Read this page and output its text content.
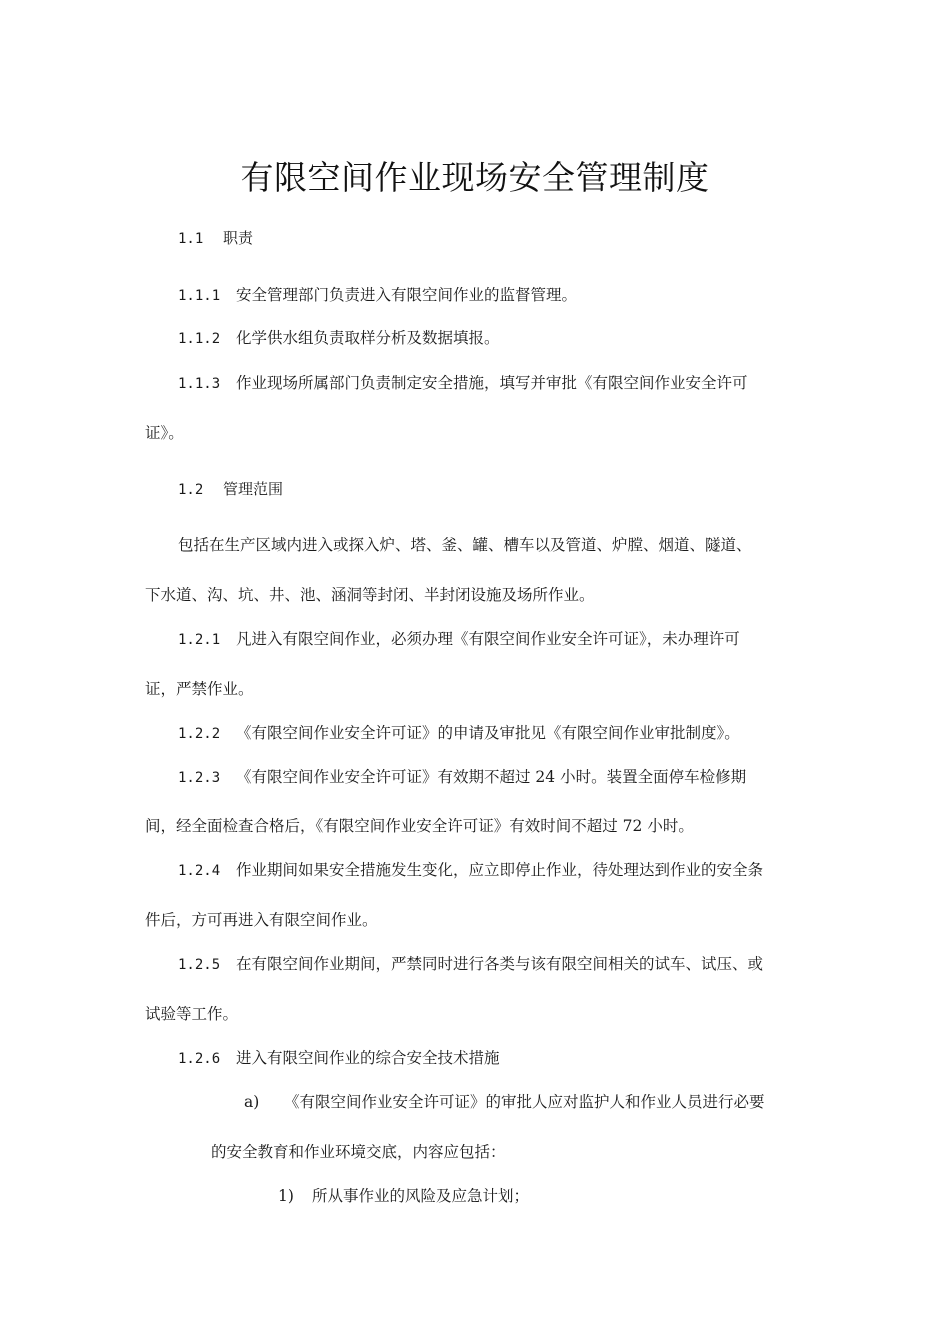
有限空间作业现场安全管理制度
1.1 职责
1.1.1 安全管理部门负责进入有限空间作业的监督管理。
1.1.2 化学供水组负责取样分析及数据填报。
1.1.3 作业现场所属部门负责制定安全措施，填写并审批《有限空间作业安全许可
证》。
1.2 管理范围
包括在生产区域内进入或探入炉、塔、釜、罐、槽车以及管道、炉膛、烟道、隧道、
下水道、沟、坑、井、池、涵洞等封闭、半封闭设施及场所作业。
1.2.1 凡进入有限空间作业，必须办理《有限空间作业安全许可证》，未办理许可
证，严禁作业。
1.2.2 《有限空间作业安全许可证》的申请及审批见《有限空间作业审批制度》。
1.2.3 《有限空间作业安全许可证》有效期不超过 24 小时。装置全面停车检修期
间，经全面检查合格后，《有限空间作业安全许可证》有效时间不超过 72 小时。
1.2.4 作业期间如果安全措施发生变化，应立即停止作业，待处理达到作业的安全条
件后，方可再进入有限空间作业。
1.2.5 在有限空间作业期间，严禁同时进行各类与该有限空间相关的试车、试压、或
试验等工作。
1.2.6 进入有限空间作业的综合安全技术措施
a) 《有限空间作业安全许可证》的审批人应对监护人和作业人员进行必要
的安全教育和作业环境交底，内容应包括：
1) 所从事作业的风险及应急计划；
